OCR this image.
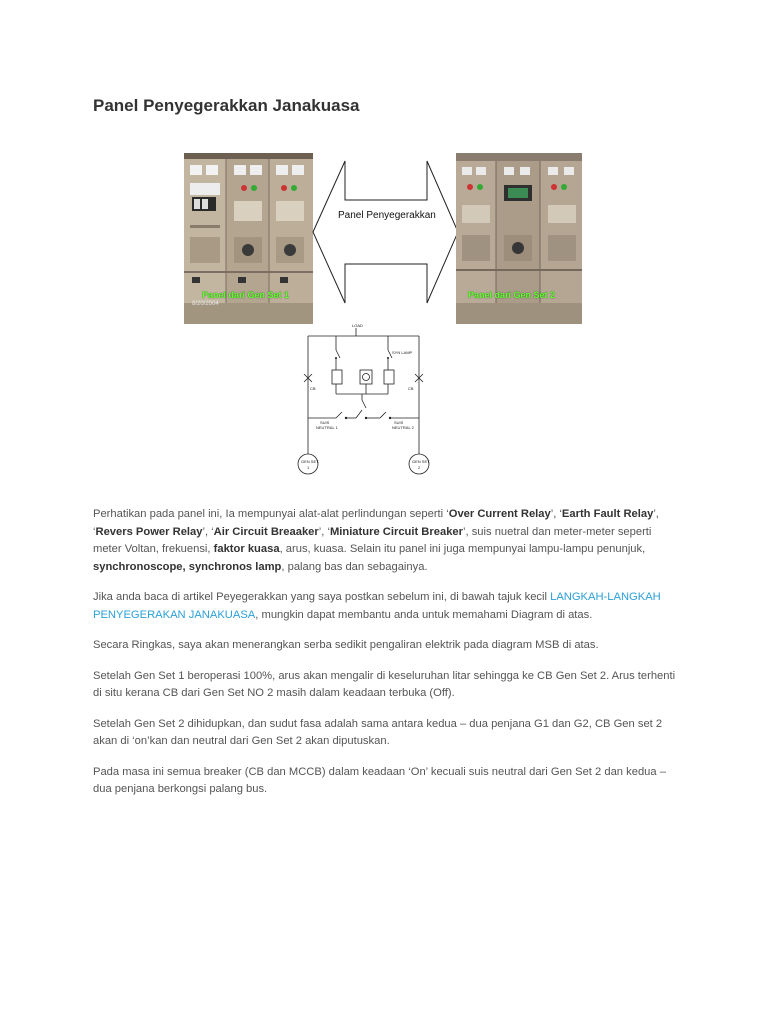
Panel Penyegerakkan Janakuasa
Panel dari Gen Set 1
8/20/2004
Panel Penyegerakkan
Panel dari Gen Set 2
LOAD
SYN LAMP
CB	CB
SUIS
NEUTRAL 1
SUIS
NEUTRAL 2
GEN SET
1
GEN SET
2

Perhatikan pada panel ini, Ia mempunyai alat-alat perlindungan seperti ‘Over Current Relay’, ‘Earth Fault Relay’, ‘Revers Power Relay’, ‘Air Circuit Breaaker’, ‘Miniature Circuit Breaker’, suis nuetral dan meter-meter seperti meter Voltan, frekuensi, faktor kuasa, arus, kuasa. Selain itu panel ini juga mempunyai lampu-lampu penunjuk, synchronoscope, synchronos lamp, palang bas dan sebagainya.

Jika anda baca di artikel Peyegerakkan yang saya postkan sebelum ini, di bawah tajuk kecil LANGKAH-LANGKAH PENYEGERAKAN JANAKUASA, mungkin dapat membantu anda untuk memahami Diagram di atas.

Secara Ringkas, saya akan menerangkan serba sedikit pengaliran elektrik pada diagram MSB di atas.

Setelah Gen Set 1 beroperasi 100%, arus akan mengalir di keseluruhan litar sehingga ke CB Gen Set 2. Arus terhenti di situ kerana CB dari Gen Set NO 2 masih dalam keadaan terbuka (Off).

Setelah Gen Set 2 dihidupkan, dan sudut fasa adalah sama antara kedua – dua penjana G1 dan G2, CB Gen set 2 akan di ‘on’kan dan neutral dari Gen Set 2 akan diputuskan.

Pada masa ini semua breaker (CB dan MCCB) dalam keadaan ‘On’ kecuali suis neutral dari Gen Set 2 dan kedua – dua penjana berkongsi palang bus.
